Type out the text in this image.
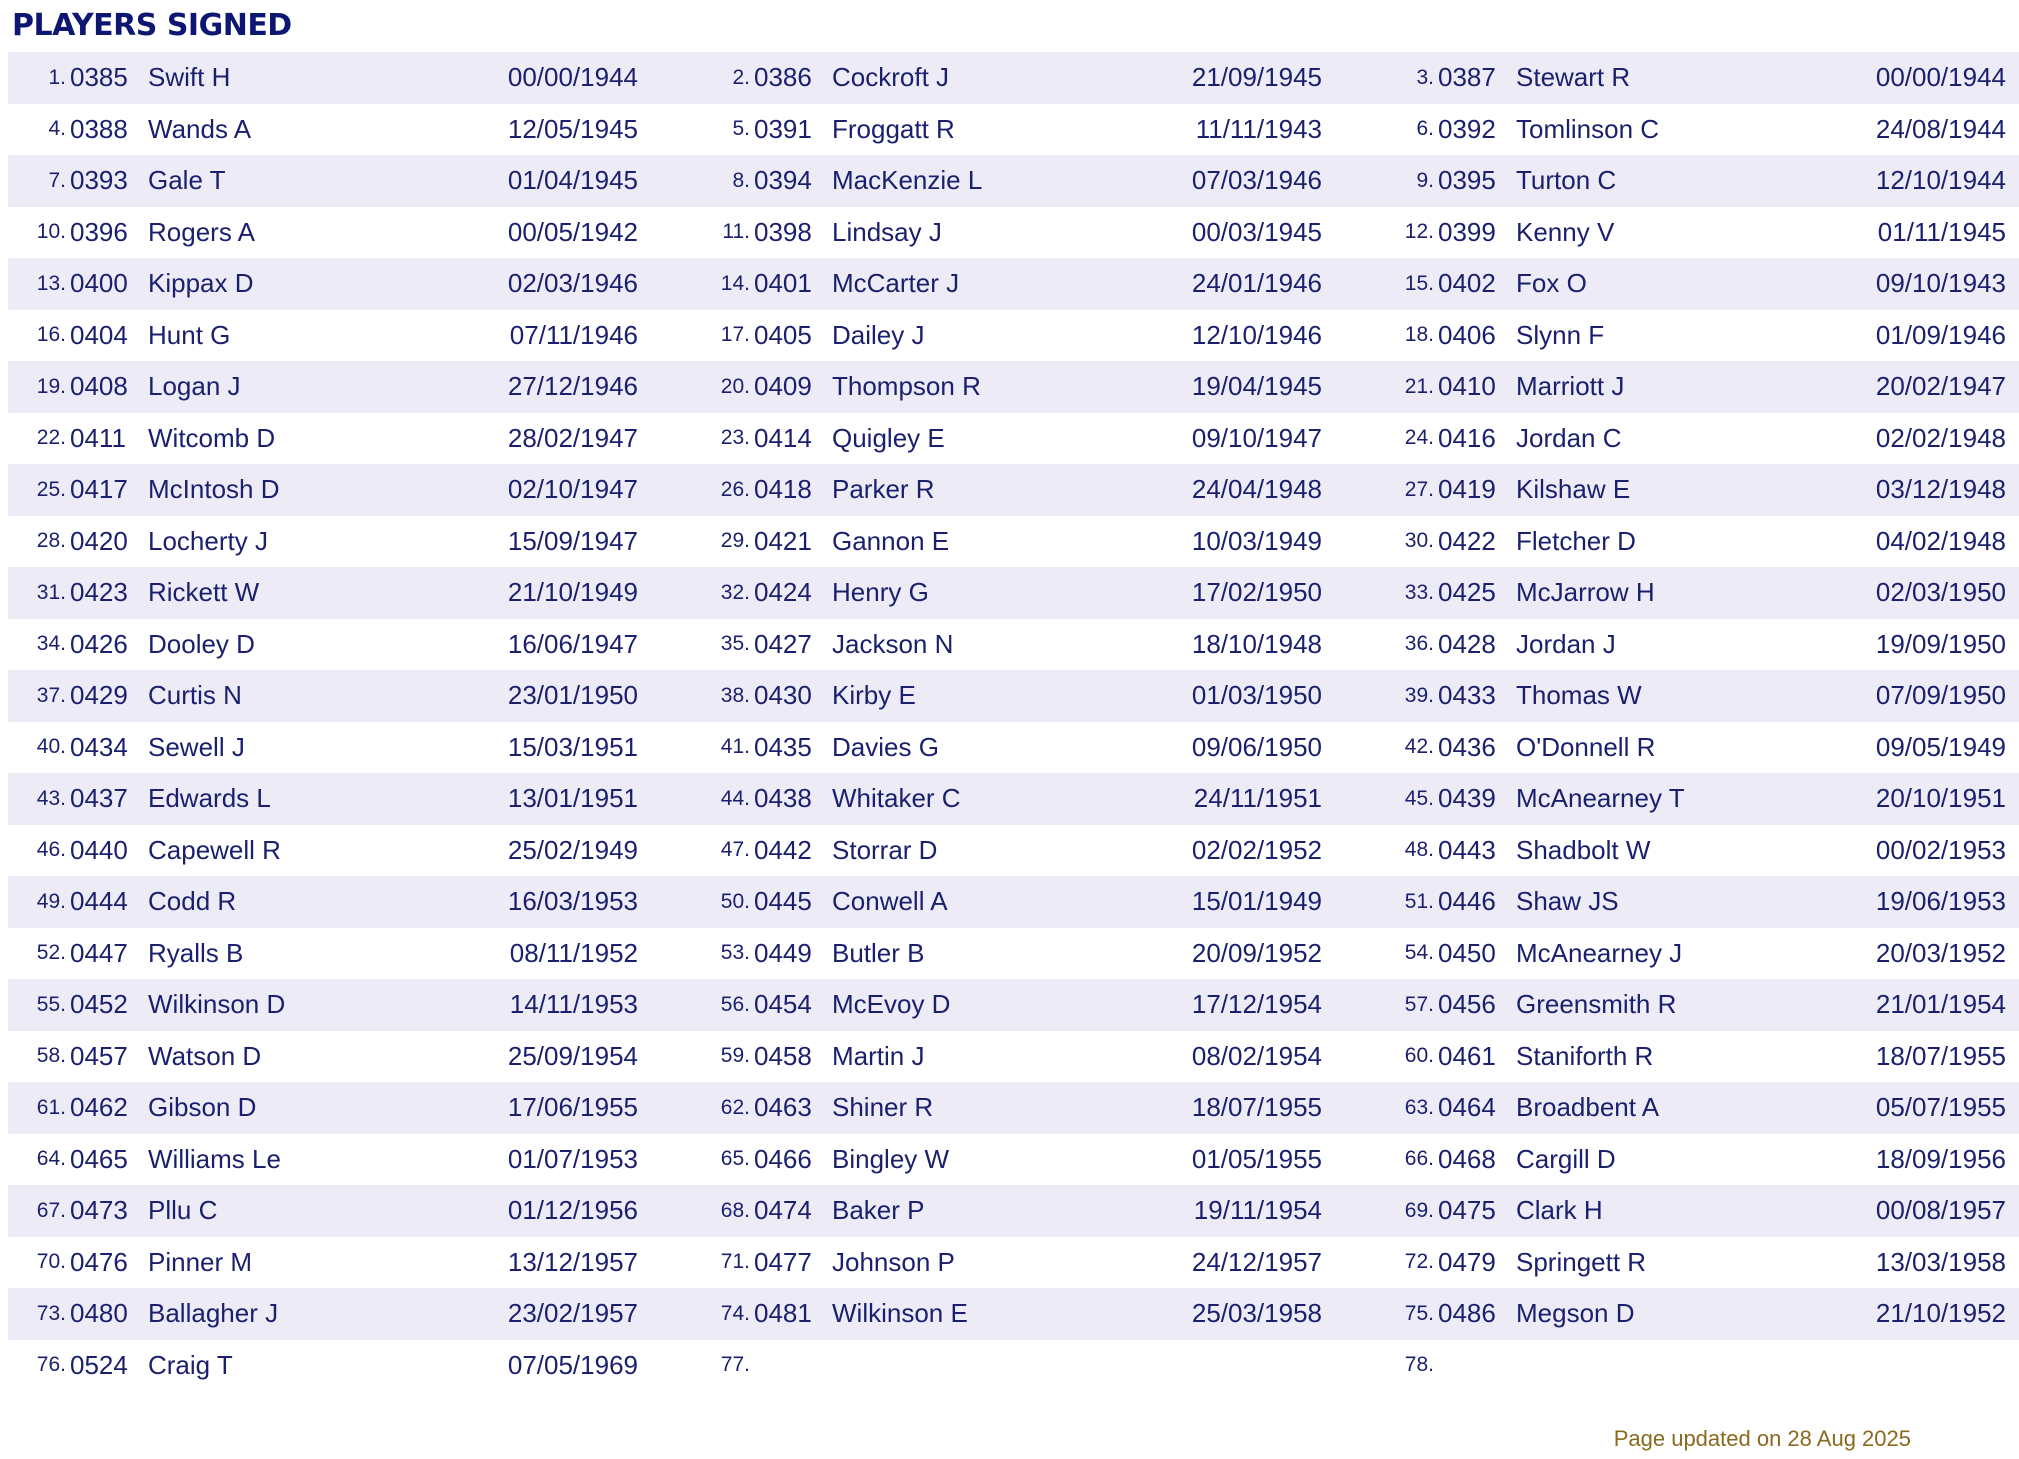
PLAYERS SIGNED
1.	0385	Swift H	00/00/1944		2.	0386	Cockroft J	21/09/1945		3.	0387	Stewart R	00/00/1944	
4.	0388	Wands A	12/05/1945		5.	0391	Froggatt R	11/11/1943		6.	0392	Tomlinson C	24/08/1944	
7.	0393	Gale T	01/04/1945		8.	0394	MacKenzie L	07/03/1946		9.	0395	Turton C	12/10/1944	
10.	0396	Rogers A	00/05/1942		11.	0398	Lindsay J	00/03/1945		12.	0399	Kenny V	01/11/1945	
13.	0400	Kippax D	02/03/1946		14.	0401	McCarter J	24/01/1946		15.	0402	Fox O	09/10/1943	
16.	0404	Hunt G	07/11/1946		17.	0405	Dailey J	12/10/1946		18.	0406	Slynn F	01/09/1946	
19.	0408	Logan J	27/12/1946		20.	0409	Thompson R	19/04/1945		21.	0410	Marriott J	20/02/1947	
22.	0411	Witcomb D	28/02/1947		23.	0414	Quigley E	09/10/1947		24.	0416	Jordan C	02/02/1948	
25.	0417	McIntosh D	02/10/1947		26.	0418	Parker R	24/04/1948		27.	0419	Kilshaw E	03/12/1948	
28.	0420	Locherty J	15/09/1947		29.	0421	Gannon E	10/03/1949		30.	0422	Fletcher D	04/02/1948	
31.	0423	Rickett W	21/10/1949		32.	0424	Henry G	17/02/1950		33.	0425	McJarrow H	02/03/1950	
34.	0426	Dooley D	16/06/1947		35.	0427	Jackson N	18/10/1948		36.	0428	Jordan J	19/09/1950	
37.	0429	Curtis N	23/01/1950		38.	0430	Kirby E	01/03/1950		39.	0433	Thomas W	07/09/1950	
40.	0434	Sewell J	15/03/1951		41.	0435	Davies G	09/06/1950		42.	0436	O'Donnell R	09/05/1949	
43.	0437	Edwards L	13/01/1951		44.	0438	Whitaker C	24/11/1951		45.	0439	McAnearney T	20/10/1951	
46.	0440	Capewell R	25/02/1949		47.	0442	Storrar D	02/02/1952		48.	0443	Shadbolt W	00/02/1953	
49.	0444	Codd R	16/03/1953		50.	0445	Conwell A	15/01/1949		51.	0446	Shaw JS	19/06/1953	
52.	0447	Ryalls B	08/11/1952		53.	0449	Butler B	20/09/1952		54.	0450	McAnearney J	20/03/1952	
55.	0452	Wilkinson D	14/11/1953		56.	0454	McEvoy D	17/12/1954		57.	0456	Greensmith R	21/01/1954	
58.	0457	Watson D	25/09/1954		59.	0458	Martin J	08/02/1954		60.	0461	Staniforth R	18/07/1955	
61.	0462	Gibson D	17/06/1955		62.	0463	Shiner R	18/07/1955		63.	0464	Broadbent A	05/07/1955	
64.	0465	Williams Le	01/07/1953		65.	0466	Bingley W	01/05/1955		66.	0468	Cargill D	18/09/1956	
67.	0473	Pllu C	01/12/1956		68.	0474	Baker P	19/11/1954		69.	0475	Clark H	00/08/1957	
70.	0476	Pinner M	13/12/1957		71.	0477	Johnson P	24/12/1957		72.	0479	Springett R	13/03/1958	
73.	0480	Ballagher J	23/02/1957		74.	0481	Wilkinson E	25/03/1958		75.	0486	Megson D	21/10/1952	
76.	0524	Craig T	07/05/1969		77.					78.				
Page updated on 28 Aug 2025
